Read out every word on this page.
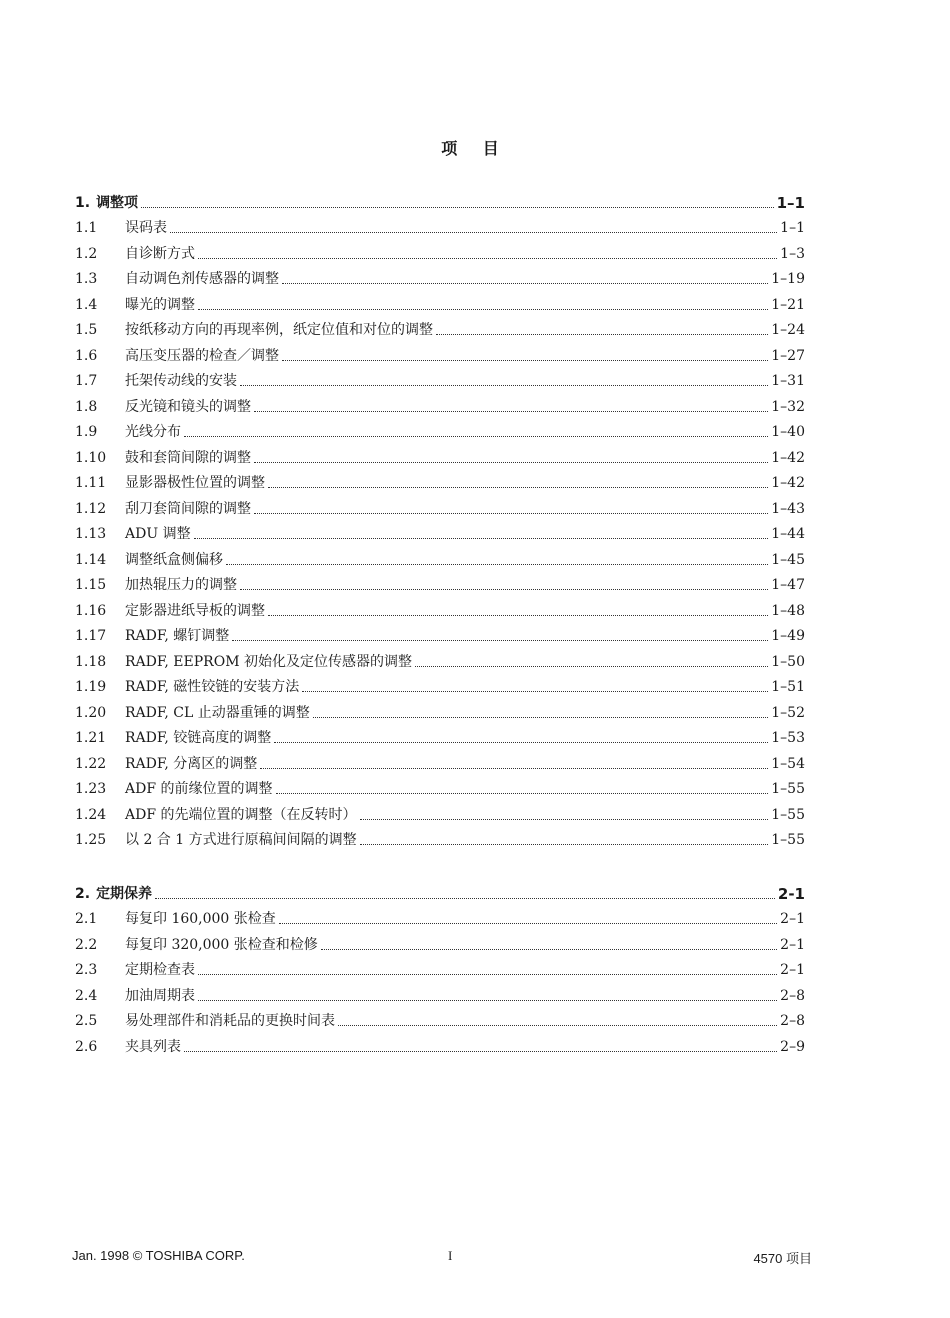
项 目
1. 调整项	1–1
1.1	误码表	1–1
1.2	自诊断方式	1–3
1.3	自动调色剂传感器的调整	1–19
1.4	曝光的调整	1–21
1.5	按纸移动方向的再现率例，纸定位值和对位的调整	1–24
1.6	高压变压器的检查／调整	1–27
1.7	托架传动线的安装	1–31
1.8	反光镜和镜头的调整	1–32
1.9	光线分布	1–40
1.10	鼓和套筒间隙的调整	1–42
1.11	显影器极性位置的调整	1–42
1.12	刮刀套筒间隙的调整	1–43
1.13	ADU 调整	1–44
1.14	调整纸盒侧偏移	1–45
1.15	加热辊压力的调整	1–47
1.16	定影器进纸导板的调整	1–48
1.17	RADF, 螺钉调整	1–49
1.18	RADF, EEPROM 初始化及定位传感器的调整	1–50
1.19	RADF, 磁性铰链的安装方法	1–51
1.20	RADF, CL 止动器重锤的调整	1–52
1.21	RADF, 铰链高度的调整	1–53
1.22	RADF, 分离区的调整	1–54
1.23	ADF 的前缘位置的调整	1–55
1.24	ADF 的先端位置的调整（在反转时）	1–55
1.25	以 2 合 1 方式进行原稿间间隔的调整	1–55
2. 定期保养	2-1
2.1	每复印 160,000 张检查	2–1
2.2	每复印 320,000 张检查和检修	2–1
2.3	定期检查表	2–1
2.4	加油周期表	2–8
2.5	易处理部件和消耗品的更换时间表	2–8
2.6	夹具列表	2–9
Jan. 1998 © TOSHIBA CORP.	I	4570 项目
